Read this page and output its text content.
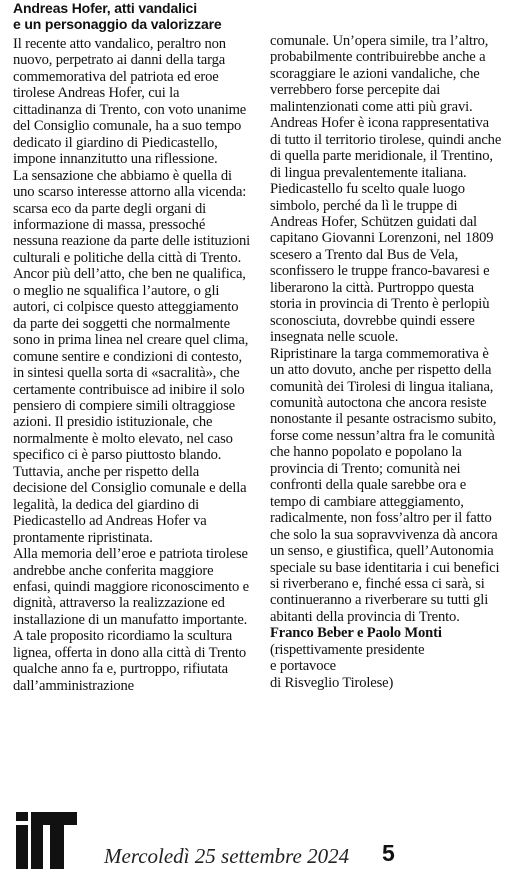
Andreas Hofer, atti vandalici
e un personaggio da valorizzare

Il recente atto vandalico, peraltro non nuovo, perpetrato ai danni della targa commemorativa del patriota ed eroe tirolese Andreas Hofer, cui la cittadinanza di Trento, con voto unanime del Consiglio comunale, ha a suo tempo dedicato il giardino di Piedicastello, impone innanzitutto una riflessione.

La sensazione che abbiamo è quella di uno scarso interesse attorno alla vicenda: scarsa eco da parte degli organi di informazione di massa, pressoché nessuna reazione da parte delle istituzioni culturali e politiche della città di Trento.

Ancor più dell’atto, che ben ne qualifica, o meglio ne squalifica l’autore, o gli autori, ci colpisce questo atteggiamento da parte dei soggetti che normalmente sono in prima linea nel creare quel clima, comune sentire e condizioni di contesto, in sintesi quella sorta di «sacralità», che certamente contribuisce ad inibire il solo pensiero di compiere simili oltraggiose azioni. Il presidio istituzionale, che normalmente è molto elevato, nel caso specifico ci è parso piuttosto blando.

Tuttavia, anche per rispetto della decisione del Consiglio comunale e della legalità, la dedica del giardino di Piedicastello ad Andreas Hofer va prontamente ripristinata.

Alla memoria dell’eroe e patriota tirolese andrebbe anche conferita maggiore enfasi, quindi maggiore riconoscimento e dignità, attraverso la realizzazione ed installazione di un manufatto importante. A tale proposito ricordiamo la scultura lignea, offerta in dono alla città di Trento qualche anno fa e, purtroppo, rifiutata dall’amministrazione

comunale. Un’opera simile, tra l’altro, probabilmente contribuirebbe anche a scoraggiare le azioni vandaliche, che verrebbero forse percepite dai malintenzionati come atti più gravi.

Andreas Hofer è icona rappresentativa di tutto il territorio tirolese, quindi anche di quella parte meridionale, il Trentino, di lingua prevalentemente italiana. Piedicastello fu scelto quale luogo simbolo, perché da lì le truppe di Andreas Hofer, Schützen guidati dal capitano Giovanni Lorenzoni, nel 1809 scesero a Trento dal Bus de Vela, sconfissero le truppe franco-bavaresi e liberarono la città. Purtroppo questa storia in provincia di Trento è perlopiù sconosciuta, dovrebbe quindi essere insegnata nelle scuole.

Ripristinare la targa commemorativa è un atto dovuto, anche per rispetto della comunità dei Tirolesi di lingua italiana, comunità autoctona che ancora resiste nonostante il pesante ostracismo subito, forse come nessun’altra fra le comunità che hanno popolato e popolano la provincia di Trento; comunità nei confronti della quale sarebbe ora e tempo di cambiare atteggiamento, radicalmente, non foss’altro per il fatto che solo la sua sopravvivenza dà ancora un senso, e giustifica, quell’Autonomia speciale su base identitaria i cui benefici si riverberano e, finché essa ci sarà, si continueranno a riverberare su tutti gli abitanti della provincia di Trento.

Franco Beber e Paolo Monti

(rispettivamente presidente

e portavoce

di Risveglio Tirolese)

Mercoledì 25 settembre 2024 5
